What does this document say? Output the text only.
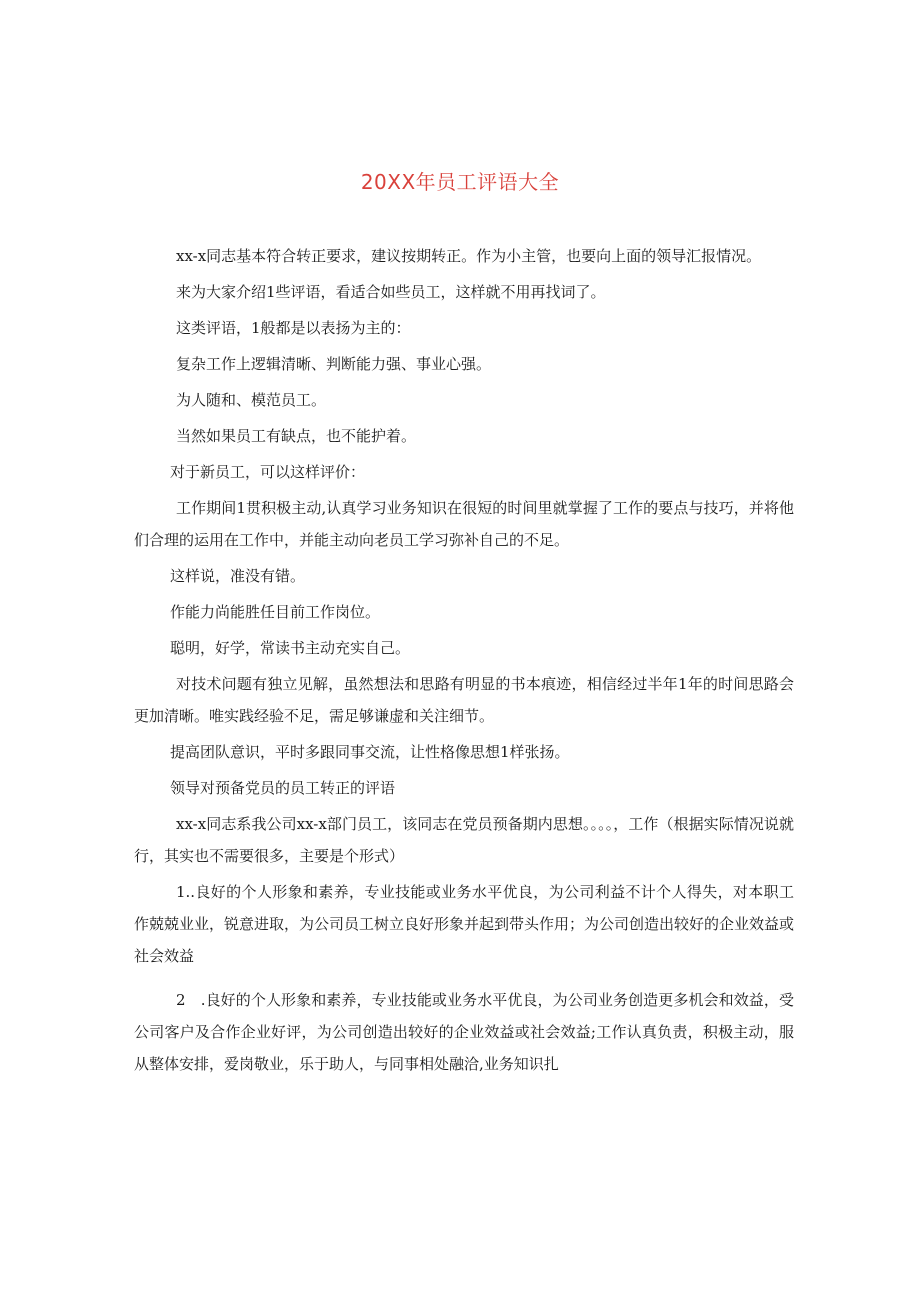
20XX年员工评语大全

xx-x同志基本符合转正要求，建议按期转正。作为小主管，也要向上面的领导汇报情况。

来为大家介绍1些评语，看适合如些员工，这样就不用再找词了。

这类评语，1般都是以表扬为主的：

复杂工作上逻辑清晰、判断能力强、事业心强。

为人随和、模范员工。

当然如果员工有缺点，也不能护着。

对于新员工，可以这样评价：

工作期间1贯积极主动,认真学习业务知识在很短的时间里就掌握了工作的要点与技巧，并将他们合理的运用在工作中，并能主动向老员工学习弥补自己的不足。

这样说，准没有错。

作能力尚能胜任目前工作岗位。

聪明，好学，常读书主动充实自己。

对技术问题有独立见解，虽然想法和思路有明显的书本痕迹，相信经过半年1年的时间思路会更加清晰。唯实践经验不足，需足够谦虚和关注细节。

提高团队意识，平时多跟同事交流，让性格像思想1样张扬。

领导对预备党员的员工转正的评语

xx-x同志系我公司xx-x部门员工，该同志在党员预备期内思想。。。。，工作（根据实际情况说就行，其实也不需要很多，主要是个形式）

1..良好的个人形象和素养，专业技能或业务水平优良，为公司利益不计个人得失，对本职工作兢兢业业，锐意进取，为公司员工树立良好形象并起到带头作用；为公司创造出较好的企业效益或社会效益

2　.良好的个人形象和素养，专业技能或业务水平优良，为公司业务创造更多机会和效益，受公司客户及合作企业好评，为公司创造出较好的企业效益或社会效益;工作认真负责，积极主动，服从整体安排，爱岗敬业，乐于助人，与同事相处融洽,业务知识扎
